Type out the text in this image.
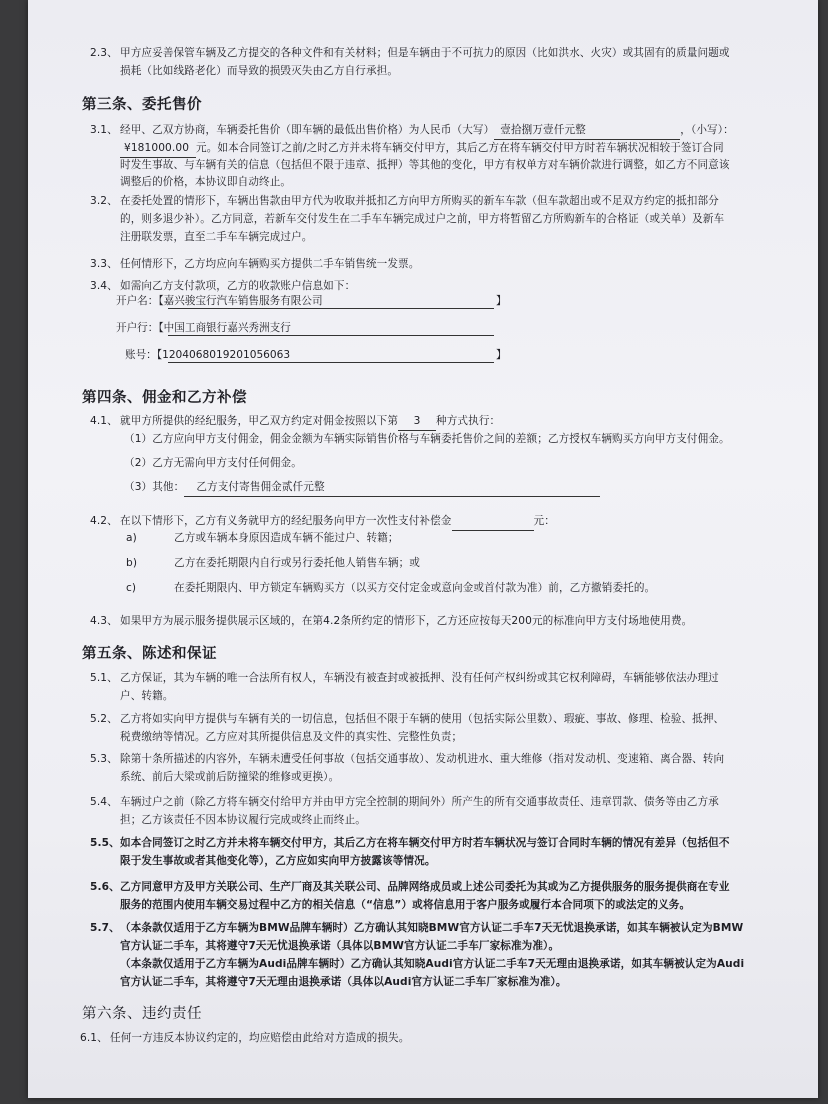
2.3、 甲方应妥善保管车辆及乙方提交的各种文件和有关材料；但是车辆由于不可抗力的原因（比如洪水、火灾）或其固有的质量问题或
损耗（比如线路老化）而导致的损毁灭失由乙方自行承担。
第三条、委托售价
3.1、 经甲、乙双方协商，车辆委托售价（即车辆的最低出售价格）为人民币（大写） 壹拾捌万壹仟元整	，（小写）：
¥181000.00 元。如本合同签订之前/之时乙方并未将车辆交付甲方，其后乙方在将车辆交付甲方时若车辆状况相较于签订合同
时发生事故、与车辆有关的信息（包括但不限于违章、抵押）等其他的变化，甲方有权单方对车辆价款进行调整，如乙方不同意该
调整后的价格，本协议即自动终止。
3.2、 在委托处置的情形下，车辆出售款由甲方代为收取并抵扣乙方向甲方所购买的新车车款（但车款超出或不足双方约定的抵扣部分
的，则多退少补）。乙方同意，若新车交付发生在二手车车辆完成过户之前，甲方将暂留乙方所购新车的合格证（或关单）及新车
注册联发票，直至二手车车辆完成过户。
3.3、 任何情形下，乙方均应向车辆购买方提供二手车销售统一发票。
3.4、 如需向乙方支付款项，乙方的收款账户信息如下：
开户名：【嘉兴骏宝行汽车销售服务有限公司	】
开户行：【中国工商银行嘉兴秀洲支行
账号：【1204068019201056063	】
第四条、佣金和乙方补偿
4.1、 就甲方所提供的经纪服务，甲乙双方约定对佣金按照以下第 3 种方式执行：
（1）乙方应向甲方支付佣金，佣金金额为车辆实际销售价格与车辆委托售价之间的差额；乙方授权车辆购买方向甲方支付佣金。
（2）乙方无需向甲方支付任何佣金。
（3）其他： 乙方支付寄售佣金贰仟元整
4.2、 在以下情形下，乙方有义务就甲方的经纪服务向甲方一次性支付补偿金	元：
a)	乙方或车辆本身原因造成车辆不能过户、转籍；
b)	乙方在委托期限内自行或另行委托他人销售车辆；或
c)	在委托期限内、甲方锁定车辆购买方（以买方交付定金或意向金或首付款为准）前，乙方撤销委托的。
4.3、 如果甲方为展示服务提供展示区域的，在第4.2条所约定的情形下，乙方还应按每天200元的标准向甲方支付场地使用费。
第五条、陈述和保证
5.1、 乙方保证，其为车辆的唯一合法所有权人，车辆没有被查封或被抵押、没有任何产权纠纷或其它权利障碍，车辆能够依法办理过
户、转籍。
5.2、 乙方将如实向甲方提供与车辆有关的一切信息，包括但不限于车辆的使用（包括实际公里数）、瑕疵、事故、修理、检验、抵押、
税费缴纳等情况。乙方应对其所提供信息及文件的真实性、完整性负责；
5.3、 除第十条所描述的内容外，车辆未遭受任何事故（包括交通事故）、发动机进水、重大维修（指对发动机、变速箱、离合器、转向
系统、前后大梁或前后防撞梁的维修或更换）。
5.4、 车辆过户之前（除乙方将车辆交付给甲方并由甲方完全控制的期间外）所产生的所有交通事故责任、违章罚款、债务等由乙方承
担；乙方该责任不因本协议履行完成或终止而终止。
5.5、 如本合同签订之时乙方并未将车辆交付甲方，其后乙方在将车辆交付甲方时若车辆状况与签订合同时车辆的情况有差异（包括但不
限于发生事故或者其他变化等），乙方应如实向甲方披露该等情况。
5.6、 乙方同意甲方及甲方关联公司、生产厂商及其关联公司、品牌网络成员或上述公司委托为其或为乙方提供服务的服务提供商在专业
服务的范围内使用车辆交易过程中乙方的相关信息（“信息”）或将信息用于客户服务或履行本合同项下的或法定的义务。
5.7、 （本条款仅适用于乙方车辆为BMW品牌车辆时）乙方确认其知晓BMW官方认证二手车7天无忧退换承诺，如其车辆被认定为BMW
官方认证二手车，其将遵守7天无忧退换承诺（具体以BMW官方认证二手车厂家标准为准）。
（本条款仅适用于乙方车辆为Audi品牌车辆时）乙方确认其知晓Audi官方认证二手车7天无理由退换承诺，如其车辆被认定为Audi
官方认证二手车，其将遵守7天无理由退换承诺（具体以Audi官方认证二手车厂家标准为准）。
第六条、违约责任
6.1、 任何一方违反本协议约定的，均应赔偿由此给对方造成的损失。
